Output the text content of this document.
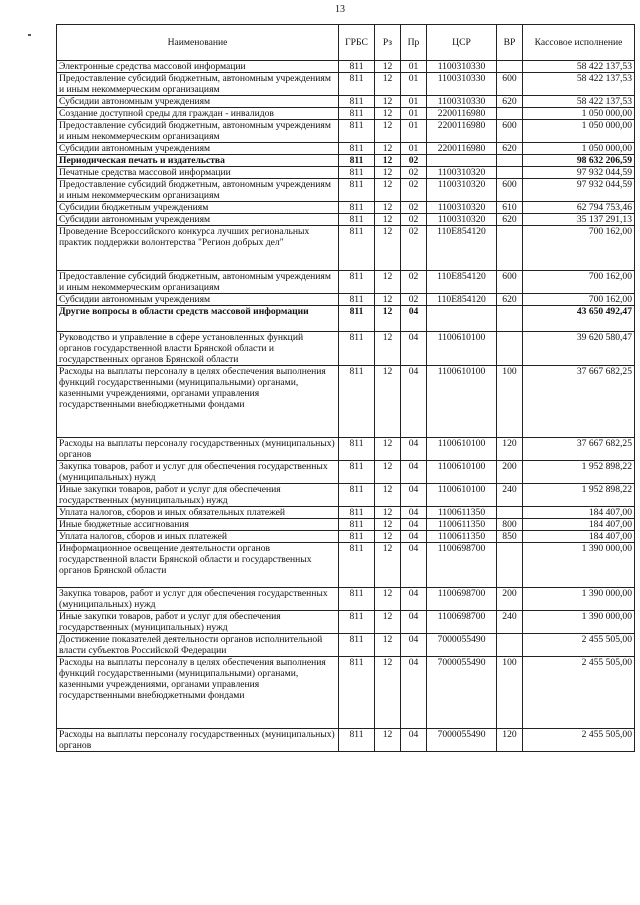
13
Наименование	ГРБС	Рз	Пр	ЦСР	ВР	Кассовое исполнение
Электронные средства массовой информации	811	12	01	1100310330		58 422 137,53
Предоставление субсидий бюджетным, автономным учреждениям и иным некоммерческим организациям	811	12	01	1100310330	600	58 422 137,53
Субсидии автономным учреждениям	811	12	01	1100310330	620	58 422 137,53
Создание доступной среды для граждан - инвалидов	811	12	01	2200116980		1 050 000,00
Предоставление субсидий бюджетным, автономным учреждениям и иным некоммерческим организациям	811	12	01	2200116980	600	1 050 000,00
Субсидии автономным учреждениям	811	12	01	2200116980	620	1 050 000,00
Периодическая печать и издательства	811	12	02			98 632 206,59
Печатные средства массовой информации	811	12	02	1100310320		97 932 044,59
Предоставление субсидий бюджетным, автономным учреждениям и иным некоммерческим организациям	811	12	02	1100310320	600	97 932 044,59
Субсидии бюджетным учреждениям	811	12	02	1100310320	610	62 794 753,46
Субсидии автономным учреждениям	811	12	02	1100310320	620	35 137 291,13
Проведение Всероссийского конкурса лучших региональных практик поддержки волонтерства "Регион добрых дел"	811	12	02	110E854120		700 162,00
Предоставление субсидий бюджетным, автономным учреждениям и иным некоммерческим организациям	811	12	02	110E854120	600	700 162,00
Субсидии автономным учреждениям	811	12	02	110E854120	620	700 162,00
Другие вопросы в области средств массовой информации	811	12	04			43 650 492,47
Руководство и управление в сфере установленных функций органов государственной власти Брянской области и государственных органов Брянской области	811	12	04	1100610100		39 620 580,47
Расходы на выплаты персоналу в целях обеспечения выполнения функций государственными (муниципальными) органами, казенными учреждениями, органами управления государственными внебюджетными фондами	811	12	04	1100610100	100	37 667 682,25
Расходы на выплаты персоналу государственных (муниципальных) органов	811	12	04	1100610100	120	37 667 682,25
Закупка товаров, работ и услуг для обеспечения государственных (муниципальных) нужд	811	12	04	1100610100	200	1 952 898,22
Иные закупки товаров, работ и услуг для обеспечения государственных (муниципальных) нужд	811	12	04	1100610100	240	1 952 898,22
Уплата налогов, сборов и иных обязательных платежей	811	12	04	1100611350		184 407,00
Иные бюджетные ассигнования	811	12	04	1100611350	800	184 407,00
Уплата налогов, сборов и иных платежей	811	12	04	1100611350	850	184 407,00
Информационное освещение деятельности органов государственной власти Брянской области и государственных органов Брянской области	811	12	04	1100698700		1 390 000,00
Закупка товаров, работ и услуг для обеспечения государственных (муниципальных) нужд	811	12	04	1100698700	200	1 390 000,00
Иные закупки товаров, работ и услуг для обеспечения государственных (муниципальных) нужд	811	12	04	1100698700	240	1 390 000,00
Достижение показателей деятельности органов исполнительной власти субъектов Российской Федерации	811	12	04	7000055490		2 455 505,00
Расходы на выплаты персоналу в целях обеспечения выполнения функций государственными (муниципальными) органами, казенными учреждениями, органами управления государственными внебюджетными фондами	811	12	04	7000055490	100	2 455 505,00
Расходы на выплаты персоналу государственных (муниципальных) органов	811	12	04	7000055490	120	2 455 505,00
